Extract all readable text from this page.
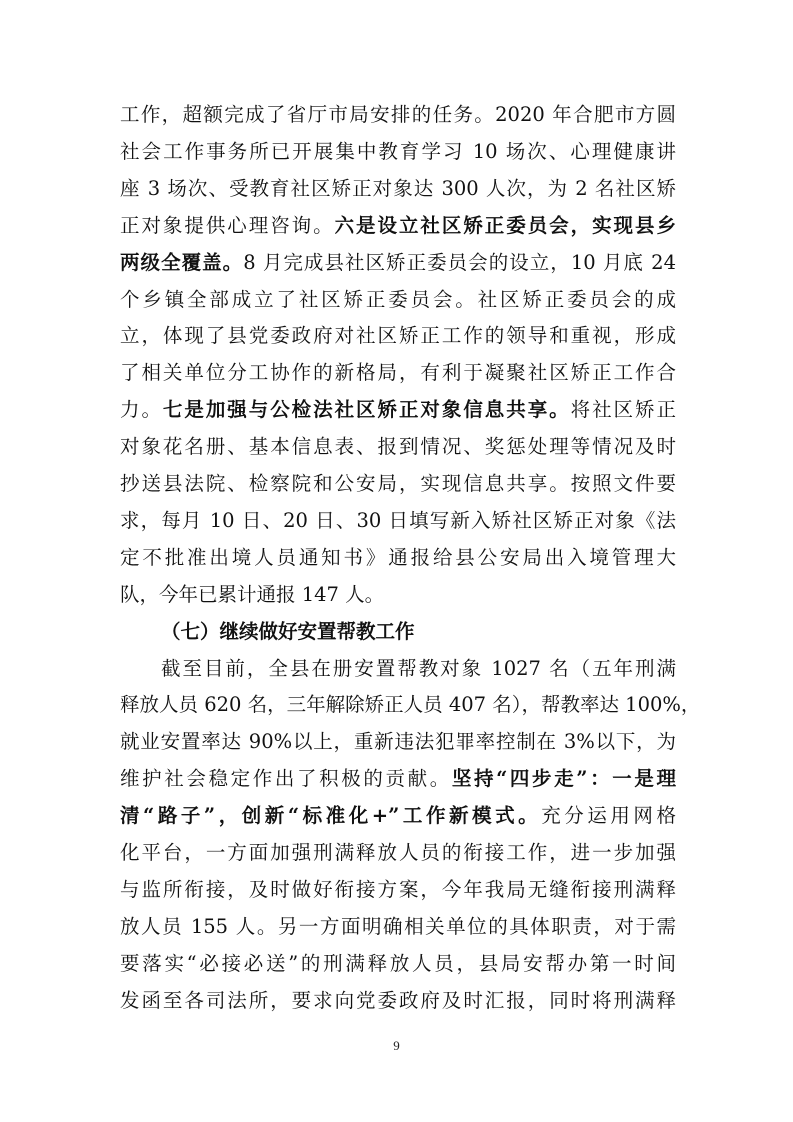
工作，超额完成了省厅市局安排的任务。2020 年合肥市方圆
社会工作事务所已开展集中教育学习 10 场次、心理健康讲
座 3 场次、受教育社区矫正对象达 300 人次，为 2 名社区矫
正对象提供心理咨询。六是设立社区矫正委员会，实现县乡
两级全覆盖。8 月完成县社区矫正委员会的设立，10 月底 24
个乡镇全部成立了社区矫正委员会。社区矫正委员会的成
立，体现了县党委政府对社区矫正工作的领导和重视，形成
了相关单位分工协作的新格局，有利于凝聚社区矫正工作合
力。七是加强与公检法社区矫正对象信息共享。将社区矫正
对象花名册、基本信息表、报到情况、奖惩处理等情况及时
抄送县法院、检察院和公安局，实现信息共享。按照文件要
求，每月 10 日、20 日、30 日填写新入矫社区矫正对象《法
定不批准出境人员通知书》通报给县公安局出入境管理大
队，今年已累计通报 147 人。
（七）继续做好安置帮教工作
截至目前，全县在册安置帮教对象 1027 名（五年刑满
释放人员 620 名，三年解除矫正人员 407 名），帮教率达 100%，
就业安置率达 90%以上，重新违法犯罪率控制在 3%以下，为
维护社会稳定作出了积极的贡献。坚持“四步走”：一是理
清“路子”，创新“标准化+”工作新模式。充分运用网格
化平台，一方面加强刑满释放人员的衔接工作，进一步加强
与监所衔接，及时做好衔接方案，今年我局无缝衔接刑满释
放人员 155 人。另一方面明确相关单位的具体职责，对于需
要落实“必接必送”的刑满释放人员，县局安帮办第一时间
发函至各司法所，要求向党委政府及时汇报，同时将刑满释
9
